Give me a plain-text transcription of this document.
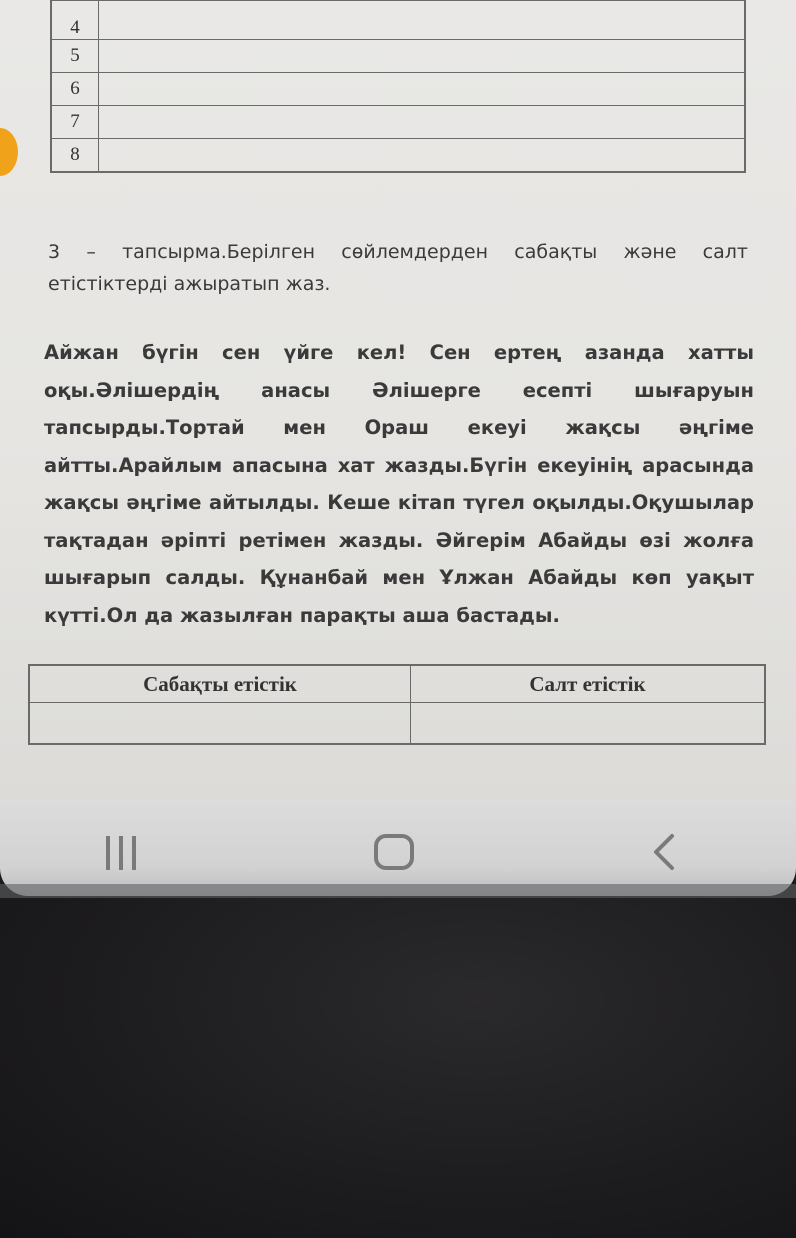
4	
5	
6	
7	
8	
3 – тапсырма.Берілген сөйлемдерден сабақты және салт етістіктерді ажыратып жаз.
Айжан бүгін сен үйге кел! Сен ертең азанда хатты оқы.Әлішердің анасы Әлішерге есепті шығаруын тапсырды.Тортай мен Ораш екеуі жақсы әңгіме айтты.Арайлым апасына хат жазды.Бүгін екеуінің арасында жақсы әңгіме айтылды. Кеше кітап түгел оқылды.Оқушылар тақтадан әріпті ретімен жазды. Әйгерім Абайды өзі жолға шығарып салды. Құнанбай мен Ұлжан Абайды көп уақыт күтті.Ол да жазылған парақты аша бастады.
Сабақты етістік	Салт етістік
